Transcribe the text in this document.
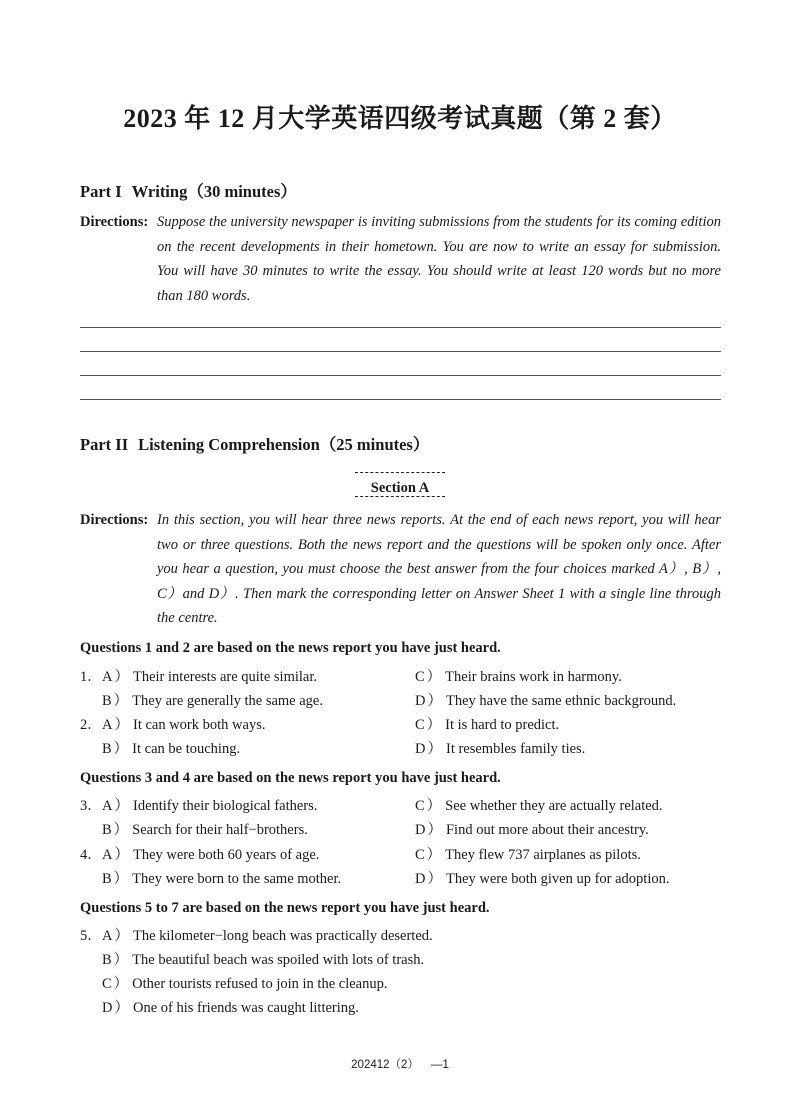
2023 年 12 月大学英语四级考试真题（第 2 套）
Part I Writing（30 minutes）
Directions: Suppose the university newspaper is inviting submissions from the students for its coming edition on the recent developments in their hometown. You are now to write an essay for submission. You will have 30 minutes to write the essay. You should write at least 120 words but no more than 180 words.
Part II Listening Comprehension（25 minutes）
Section A
Directions: In this section, you will hear three news reports. At the end of each news report, you will hear two or three questions. Both the news report and the questions will be spoken only once. After you hear a question, you must choose the best answer from the four choices marked A）, B）, C）and D）. Then mark the corresponding letter on Answer Sheet 1 with a single line through the centre.
Questions 1 and 2 are based on the news report you have just heard.
1． A ） Their interests are quite similar.	C ） Their brains work in harmony.
B ） They are generally the same age.	D ） They have the same ethnic background.
2． A ） It can work both ways.	C ） It is hard to predict.
B ） It can be touching.	D ） It resembles family ties.
Questions 3 and 4 are based on the news report you have just heard.
3． A ） Identify their biological fathers.	C ） See whether they are actually related.
B ） Search for their half−brothers.	D ） Find out more about their ancestry.
4． A ） They were both 60 years of age.	C ） They flew 737 airplanes as pilots.
B ） They were born to the same mother.	D ） They were both given up for adoption.
Questions 5 to 7 are based on the news report you have just heard.
5． A ） The kilometer−long beach was practically deserted.
B ） The beautiful beach was spoiled with lots of trash.
C ） Other tourists refused to join in the cleanup.
D ） One of his friends was caught littering.
202412（2） —1
